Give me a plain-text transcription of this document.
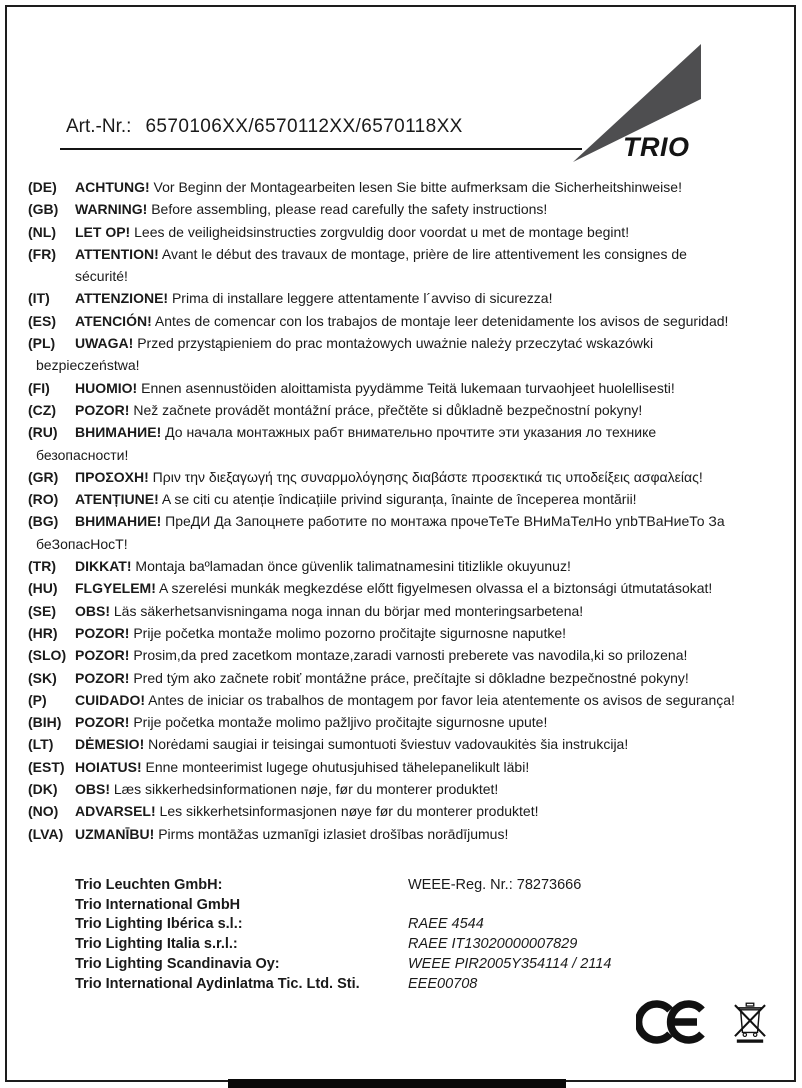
Art.-Nr.: 6570106XX/6570112XX/6570118XX
TRIO
(DE)	ACHTUNG! Vor Beginn der Montagearbeiten lesen Sie bitte aufmerksam die Sicherheitshinweise!
(GB)	WARNING! Before assembling, please read carefully the safety instructions!
(NL)	LET OP! Lees de veiligheidsinstructies zorgvuldig door voordat u met de montage begint!
(FR)	ATTENTION! Avant le début des travaux de montage, prière de lire attentivement les consignes de
sécurité!
(IT)	ATTENZIONE! Prima di installare leggere attentamente l´avviso di sicurezza!
(ES)	ATENCIÓN! Antes de comencar con los trabajos de montaje leer detenidamente los avisos de seguridad!
(PL)	UWAGA! Przed przystąpieniem do prac montażowych uważnie należy przeczytać wskazówki
bezpieczeństwa!
(FI)	HUOMIO! Ennen asennustöiden aloittamista pyydämme Teitä lukemaan turvaohjeet huolellisesti!
(CZ)	POZOR! Než začnete provádět montážní práce, přečtěte si důkladně bezpečnostní pokyny!
(RU)	ВНИМАНИЕ! До начала монтажных рабт внимательно прочтите эти указания ло технике
безопасности!
(GR)	ΠΡΟΣΟΧΗ! Πριν την διεξαγωγή της συναρμολόγησης διαβάστε προσεκτικά τις υποδείξεις ασφαλείας!
(RO)	ATENȚIUNE! A se citi cu atenție îndicațiile privind siguranța, înainte de începerea montării!
(BG)	ВНИМАНИЕ! ПреДИ Да Запоцнете работите по монтажа прочеТеТе ВНиМаТелНо упbТВаНиеТо За
беЗопасНосТ!
(TR)	DIKKAT! Montaja baºlamadan önce güvenlik talimatnamesini titizlikle okuyunuz!
(HU)	FLGYELEM! A szerelési munkák megkezdése előtt figyelmesen olvassa el a biztonsági útmutatásokat!
(SE)	OBS! Läs säkerhetsanvisningama noga innan du börjar med monteringsarbetena!
(HR)	POZOR! Prije početka montaže molimo pozorno pročitajte sigurnosne naputke!
(SLO) POZOR! Prosim,da pred zacetkom montaze,zaradi varnosti preberete vas navodila,ki so prilozena!
(SK)	POZOR! Pred tým ako začnete robiť montážne práce, prečítajte si dôkladne bezpečnostné pokyny!
(P)	CUIDADO! Antes de iniciar os trabalhos de montagem por favor leia atentemente os avisos de segurança!
(BIH) POZOR! Prije početka montaže molimo pažljivo pročitajte sigurnosne upute!
(LT)	DĖMESIO! Norėdami saugiai ir teisingai sumontuoti šviestuv vadovaukitės šia instrukcija!
(EST) HOIATUS! Enne monteerimist lugege ohutusjuhised tähelepanelikult läbi!
(DK)	OBS! Læs sikkerhedsinformationen nøje, før du monterer produktet!
(NO)	ADVARSEL! Les sikkerhetsinformasjonen nøye før du monterer produktet!
(LVA) UZMANĪBU! Pirms montāžas uzmanīgi izlasiet drošības norādījumus!
Trio Leuchten GmbH:	WEEE-Reg. Nr.: 78273666
Trio International GmbH
Trio Lighting Ibérica s.l.:	RAEE 4544
Trio Lighting Italia s.r.l.:	RAEE IT13020000007829
Trio Lighting Scandinavia Oy:	WEEE PIR2005Y354114 / 2114
Trio International Aydinlatma Tic. Ltd. Sti.	EEE00708
